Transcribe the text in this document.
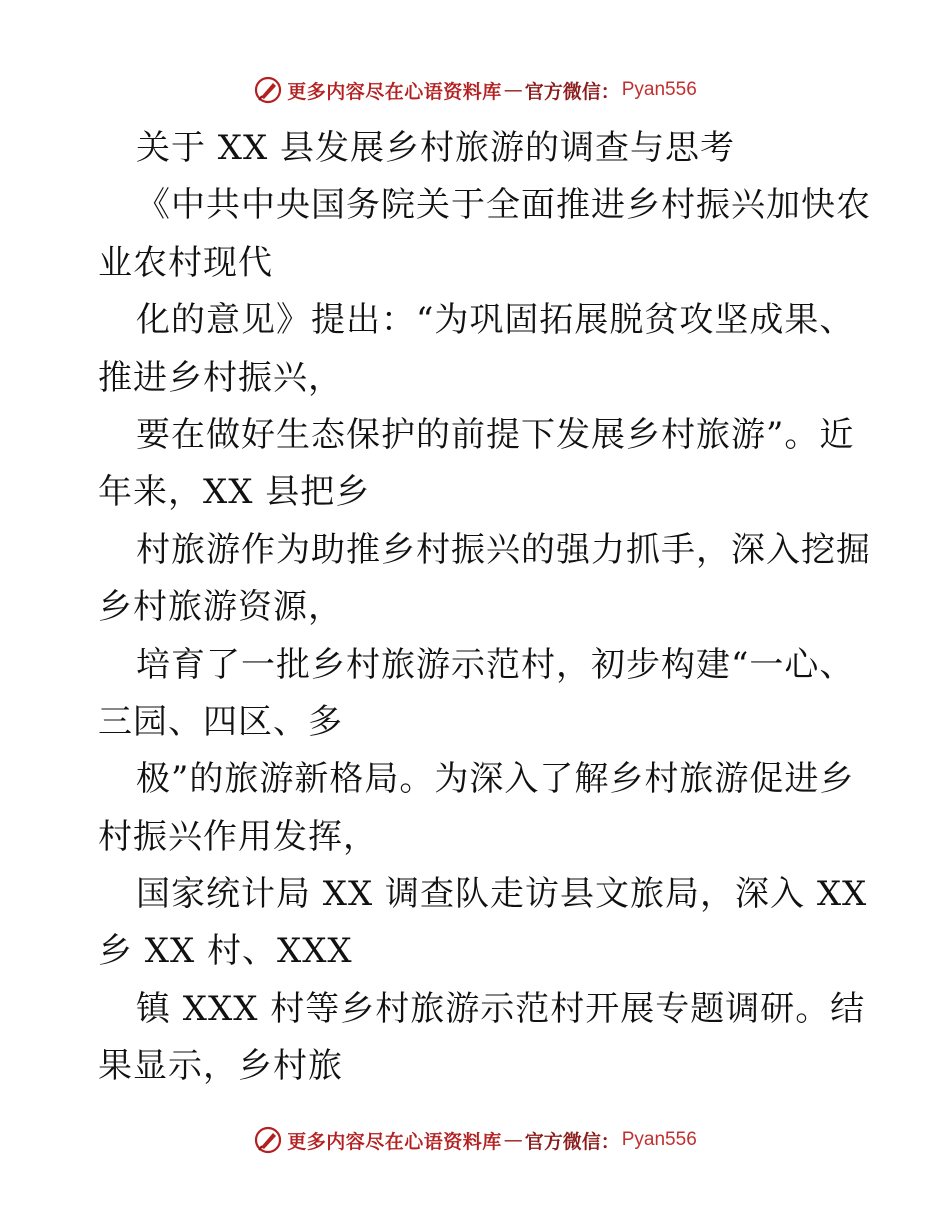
更多内容尽在心语资料库 — 官方微信： Pyan556
关于 XX 县发展乡村旅游的调查与思考
《中共中央国务院关于全面推进乡村振兴加快农
业农村现代
化的意见》提出：“为巩固拓展脱贫攻坚成果、
推进乡村振兴，
要在做好生态保护的前提下发展乡村旅游”。近
年来，XX 县把乡
村旅游作为助推乡村振兴的强力抓手，深入挖掘
乡村旅游资源，
培育了一批乡村旅游示范村，初步构建“一心、
三园、四区、多
极”的旅游新格局。为深入了解乡村旅游促进乡
村振兴作用发挥，
国家统计局 XX 调查队走访县文旅局，深入 XX
乡 XX 村、XXX
镇 XXX 村等乡村旅游示范村开展专题调研。结
果显示，乡村旅
更多内容尽在心语资料库 — 官方微信： Pyan556
